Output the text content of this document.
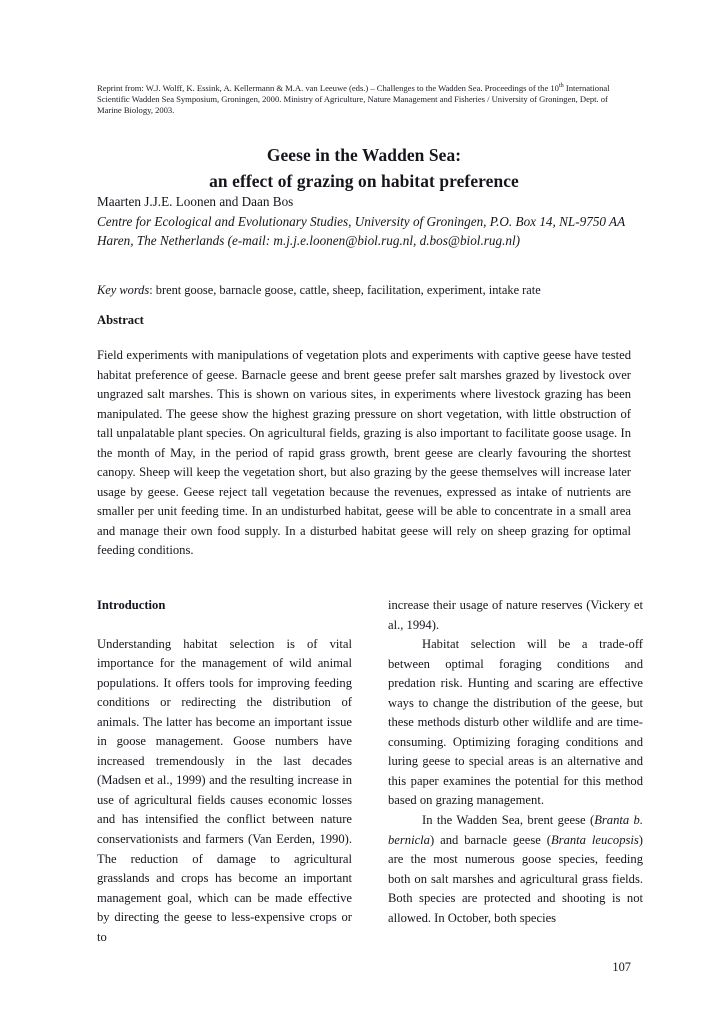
Reprint from: W.J. Wolff, K. Essink, A. Kellermann & M.A. van Leeuwe (eds.) – Challenges to the Wadden Sea. Proceedings of the 10th International Scientific Wadden Sea Symposium, Groningen, 2000. Ministry of Agriculture, Nature Management and Fisheries / University of Groningen, Dept. of Marine Biology, 2003.
Geese in the Wadden Sea:
an effect of grazing on habitat preference
Maarten J.J.E. Loonen and Daan Bos
Centre for Ecological and Evolutionary Studies, University of Groningen, P.O. Box 14, NL-9750 AA Haren, The Netherlands (e-mail: m.j.j.e.loonen@biol.rug.nl, d.bos@biol.rug.nl)
Key words: brent goose, barnacle goose, cattle, sheep, facilitation, experiment, intake rate
Abstract
Field experiments with manipulations of vegetation plots and experiments with captive geese have tested habitat preference of geese. Barnacle geese and brent geese prefer salt marshes grazed by livestock over ungrazed salt marshes. This is shown on various sites, in experiments where livestock grazing has been manipulated. The geese show the highest grazing pressure on short vegetation, with little obstruction of tall unpalatable plant species. On agricultural fields, grazing is also important to facilitate goose usage. In the month of May, in the period of rapid grass growth, brent geese are clearly favouring the shortest canopy. Sheep will keep the vegetation short, but also grazing by the geese themselves will increase later usage by geese. Geese reject tall vegetation because the revenues, expressed as intake of nutrients are smaller per unit feeding time. In an undisturbed habitat, geese will be able to concentrate in a small area and manage their own food supply. In a disturbed habitat geese will rely on sheep grazing for optimal feeding conditions.
Introduction

Understanding habitat selection is of vital importance for the management of wild animal populations. It offers tools for improving feeding conditions or redirecting the distribution of animals. The latter has become an important issue in goose management. Goose numbers have increased tremendously in the last decades (Madsen et al., 1999) and the resulting increase in use of agricultural fields causes economic losses and has intensified the conflict between nature conservationists and farmers (Van Eerden, 1990). The reduction of damage to agricultural grasslands and crops has become an important management goal, which can be made effective by directing the geese to less-expensive crops or to

increase their usage of nature reserves (Vickery et al., 1994).

Habitat selection will be a trade-off between optimal foraging conditions and predation risk. Hunting and scaring are effective ways to change the distribution of the geese, but these methods disturb other wildlife and are time-consuming. Optimizing foraging conditions and luring geese to special areas is an alternative and this paper examines the potential for this method based on grazing management.

In the Wadden Sea, brent geese (Branta b. bernicla) and barnacle geese (Branta leucopsis) are the most numerous goose species, feeding both on salt marshes and agricultural grass fields. Both species are protected and shooting is not allowed. In October, both species

107
